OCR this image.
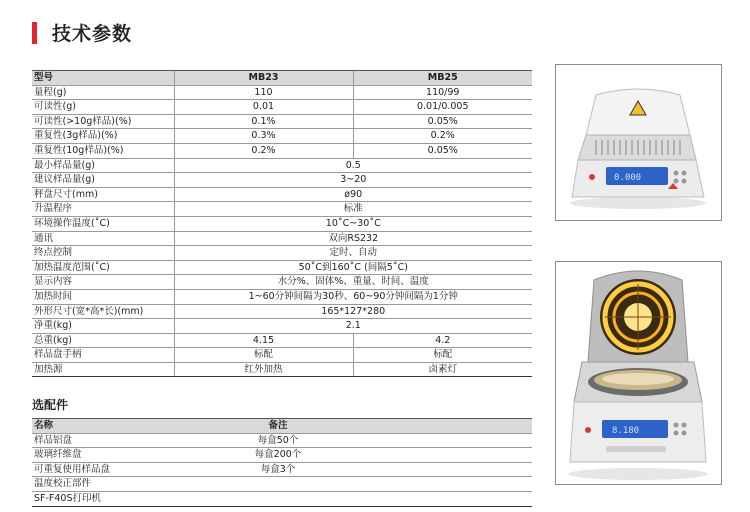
技术参数
型号	MB23	MB25
量程(g)	110	110/99
可读性(g)	0.01	0.01/0.005
可读性(>10g样品)(%)	0.1%	0.05%
重复性(3g样品)(%)	0.3%	0.2%
重复性(10g样品)(%)	0.2%	0.05%
最小样品量(g)	0.5	
建议样品量(g)	3~20	
秤盘尺寸(mm)	ø90	
升温程序	标准	
环境操作温度(˚C)	10˚C~30˚C	
通讯	双向RS232	
终点控制	定时、自动	
加热温度范围(˚C)	50˚C到160˚C (间隔5˚C)	
显示内容	水分%、固体%、重量、时间、温度	
加热时间	1~60分钟间隔为30秒、60~90分钟间隔为1分钟	
外形尺寸(宽*高*长)(mm)	165*127*280	
净重(kg)	2.1	
总重(kg)	4.15	4.2
样品盘手柄	标配	标配
加热源	红外加热	卤素灯
选配件
名称	备注	
样品铝盘	每盒50个	
玻璃纤维盘	每盒200个	
可重复使用样品盘	每盒3个	
温度校正部件		
SF-F40S打印机		
0.000
8.180
